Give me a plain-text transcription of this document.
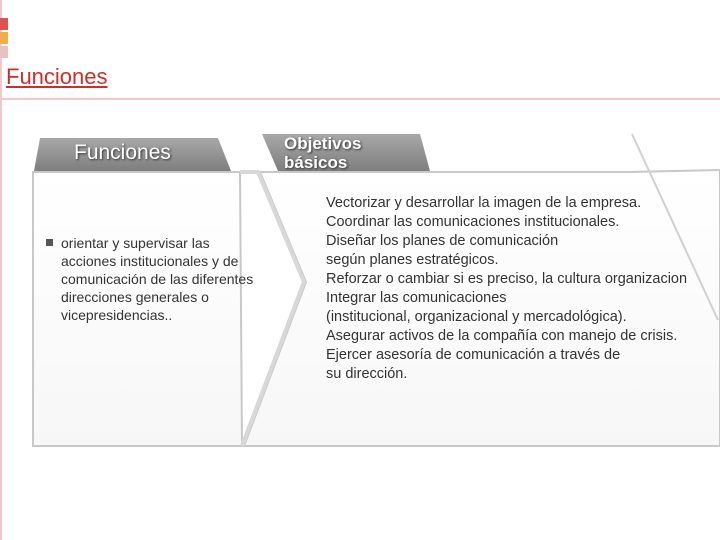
Funciones
Funciones	Objetivos
básicos
orientar y supervisar las acciones institucionales y de comunicación de las diferentes direcciones generales o vicepresidencias..
Vectorizar y desarrollar la imagen de la empresa.
Coordinar las comunicaciones institucionales.
Diseñar los planes de comunicación
según planes estratégicos.
Reforzar o cambiar si es preciso, la cultura organizacion
Integrar las comunicaciones
(institucional, organizacional y mercadológica).
Asegurar activos de la compañía con manejo de crisis.
Ejercer asesoría de comunicación a través de
su dirección.
